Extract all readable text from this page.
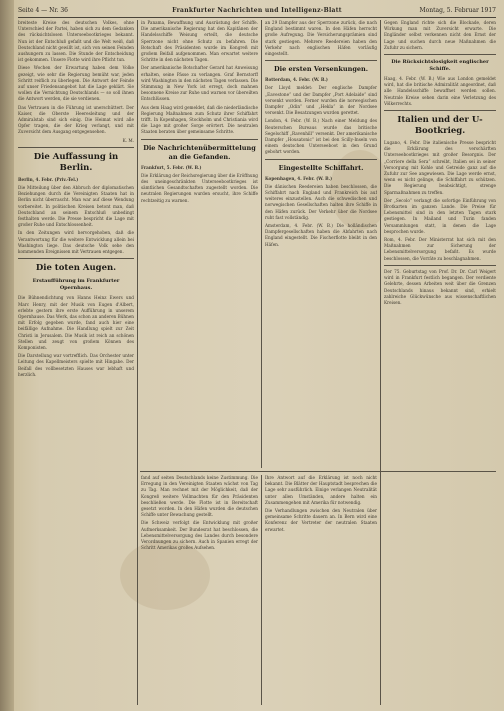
Seite 4 — Nr. 36	Frankfurter Nachrichten und Intelligenz-Blatt	Montag, 5. Februar 1917

breiteste Kreise des deutschen Volkes, ohne Unterschied der Partei, haben sich zu dem Gedanken des rücksichtslosen Unterseebootkrieges bekannt. Nun ist der Entschluß gefaßt und die Welt weiß, daß Deutschland nicht gewillt ist, sich von seinen Feinden aushungern zu lassen. Die Stunde der Entscheidung ist gekommen. Unsere Flotte wird ihre Pflicht tun.

Diese Wochen der Erwartung haben dem Volke gezeigt, wie sehr die Regierung bemüht war, jeden Schritt reiflich zu überlegen. Die Antwort der Feinde auf unser Friedensangebot hat die Lage geklärt. Sie wollen die Vernichtung Deutschlands — so soll ihnen die Antwort werden, die sie verdienen.

Das Vertrauen in die Führung ist unerschüttert. Der Kaiser, die Oberste Heeresleitung und der Admiralstab sind sich einig. Die Heimat wird alle Opfer tragen, die der Krieg verlangt, und mit Zuversicht dem Ausgang entgegensehen.

K. M.

Die Auffassung in Berlin.

Berlin, 4. Febr. (Priv.-Tel.)

Die Mitteilung über den Abbruch der diplomatischen Beziehungen durch die Vereinigten Staaten hat in Berlin nicht überrascht. Man war auf diese Wendung vorbereitet. In politischen Kreisen betont man, daß Deutschland an seinem Entschluß unbedingt festhalten werde. Die Presse bespricht die Lage mit großer Ruhe und Entschlossenheit.

In den Zeitungen wird hervorgehoben, daß die Verantwortung für die weitere Entwicklung allein bei Washington liege. Das deutsche Volk sehe den kommenden Ereignissen mit Vertrauen entgegen.

Die toten Augen.
Erstaufführung im Frankfurter Opernhaus.

Die Bühnendichtung von Hanns Heinz Ewers und Marc Henry, mit der Musik von Eugen d'Albert, erlebte gestern ihre erste Aufführung in unserem Opernhause. Das Werk, das schon an anderen Bühnen mit Erfolg gegeben wurde, fand auch hier eine beifällige Aufnahme. Die Handlung spielt zur Zeit Christi in Jerusalem. Die Musik ist reich an schönen Stellen und zeugt von großem Können des Komponisten.

Die Darstellung war vortrefflich. Das Orchester unter Leitung des Kapellmeisters spielte mit Hingabe. Der Beifall des vollbesetzten Hauses war lebhaft und herzlich.

in Panama, Bewaffnung und Ausrüstung der Schiffe. Die amerikanische Regierung hat den Kapitänen der Handelsschiffe Weisung erteilt, die deutsche Sperrzone nicht ohne Schutz zu befahren. Die Botschaft des Präsidenten wurde im Kongreß mit großem Beifall aufgenommen. Man erwartet weitere Schritte in den nächsten Tagen.

Der amerikanische Botschafter Gerard hat Anweisung erhalten, seine Pässe zu verlangen. Graf Bernstorff wird Washington in den nächsten Tagen verlassen. Die Stimmung in New York ist erregt, doch mahnen besonnene Kreise zur Ruhe und warnen vor übereilten Entschlüssen.

Aus dem Haag wird gemeldet, daß die niederländische Regierung Maßnahmen zum Schutz ihrer Schiffahrt trifft. In Kopenhagen, Stockholm und Christiania wird die Lage mit großer Sorge erörtert. Die neutralen Staaten beraten über gemeinsame Schritte.

Die Nachrichtenübermittelung an die Gefanden.

Frankfurt, 5. Febr. (W. B.)

Die Erklärung der Reichsregierung über die Eröffnung des uneingeschränkten Unterseebootkrieges ist sämtlichen Gesandtschaften zugestellt worden. Die neutralen Regierungen wurden ersucht, ihre Schiffe rechtzeitig zu warnen.

an 29 Dampfer aus der Sperrzone zurück, die nach England bestimmt waren. In den Häfen herrscht große Aufregung. Die Versicherungsprämien sind stark gestiegen. Mehrere Reedereien haben den Verkehr nach englischen Häfen vorläufig eingestellt.

Die ersten Versenkungen.

Rotterdam, 4. Febr. (W. B.)

Der Lloyd meldet: Der englische Dampfer „Eavestone“ und der Dampfer „Port Adelaide“ sind versenkt worden. Ferner wurden die norwegischen Dampfer „Odin“ und „Hekla“ in der Nordsee versenkt. Die Besatzungen wurden gerettet.

London, 4. Febr. (W. B.) Nach einer Meldung des Reuterschen Bureaus wurde das britische Segelschiff „Ravenhill“ versenkt. Der amerikanische Dampfer „Housatonic“ ist bei den Scilly-Inseln von einem deutschen Unterseeboot in den Grund gebohrt worden.

Eingestellte Schiffahrt.

Kopenhagen, 4. Febr. (W. B.)

Die dänischen Reedereien haben beschlossen, die Schiffahrt nach England und Frankreich bis auf weiteres einzustellen. Auch die schwedischen und norwegischen Gesellschaften halten ihre Schiffe in den Häfen zurück. Der Verkehr über die Nordsee ruht fast vollständig.

Amsterdam, 4. Febr. (W. B.) Die holländischen Dampfergesellschaften haben die Abfahrten nach England eingestellt. Die Fischerflotte bleibt in den Häfen.

Gegen England richte sich die Blockade, deren Wirkung man mit Zuversicht erwarte. Die Engländer selbst verkennen nicht den Ernst der Lage und suchen durch neue Maßnahmen die Zufuhr zu sichern.

Die Rücksichtslosigkeit englischer Schiffe.

Haag, 4. Febr. (W. B.) Wie aus London gemeldet wird, hat die britische Admiralität angeordnet, daß alle Handelsschiffe bewaffnet werden sollen. Neutrale Kreise sehen darin eine Verletzung des Völkerrechts.

Italien und der U-Bootkrieg.

Lugano, 4. Febr. Die italienische Presse bespricht die Erklärung des verschärften Unterseebootkrieges mit großer Besorgnis. Der „Corriere della Sera“ schreibt, Italien sei in seiner Versorgung mit Kohle und Getreide ganz auf die Zufuhr zur See angewiesen. Die Lage werde ernst, wenn es nicht gelinge, die Schiffahrt zu schützen. Die Regierung beabsichtigt, strenge Sparmaßnahmen zu treffen.

Der „Secolo“ verlangt die sofortige Einführung von Brotkarten im ganzen Lande. Die Preise für Lebensmittel sind in den letzten Tagen stark gestiegen. In Mailand und Turin fanden Versammlungen statt, in denen die Lage besprochen wurde.

Rom, 4. Febr. Der Ministerrat hat sich mit den Maßnahmen zur Sicherung der Lebensmittelversorgung befaßt. Es wurde beschlossen, die Vorräte zu beschlagnahmen.

Der 75. Geburtstag von Prof. Dr. Dr. Carl Weigert wird in Frankfurt festlich begangen. Der verdiente Gelehrte, dessen Arbeiten weit über die Grenzen Deutschlands hinaus bekannt sind, erhielt zahlreiche Glückwünsche aus wissenschaftlichen Kreisen.

fand auf seiten Deutschlands keine Zustimmung. Die Erregung in den Vereinigten Staaten wächst von Tag zu Tag. Man rechnet mit der Möglichkeit, daß der Kongreß weitere Vollmachten für den Präsidenten beschließen werde. Die Flotte ist in Bereitschaft gesetzt worden. In den Häfen wurden die deutschen Schiffe unter Bewachung gestellt.

Die Schweiz verfolgt die Entwicklung mit großer Aufmerksamkeit. Der Bundesrat hat beschlossen, die Lebensmittelversorgung des Landes durch besondere Verordnungen zu sichern. Auch in Spanien erregt der Schritt Amerikas großes Aufsehen.

Ihre Antwort auf die Erklärung ist noch nicht bekannt. Die Blätter der Hauptstadt besprechen die Lage sehr ausführlich. Einige verlangen Neutralität unter allen Umständen, andere halten ein Zusammengehen mit Amerika für notwendig.

Die Verhandlungen zwischen den Neutralen über gemeinsame Schritte dauern an. In Bern wird eine Konferenz der Vertreter der neutralen Staaten erwartet.
